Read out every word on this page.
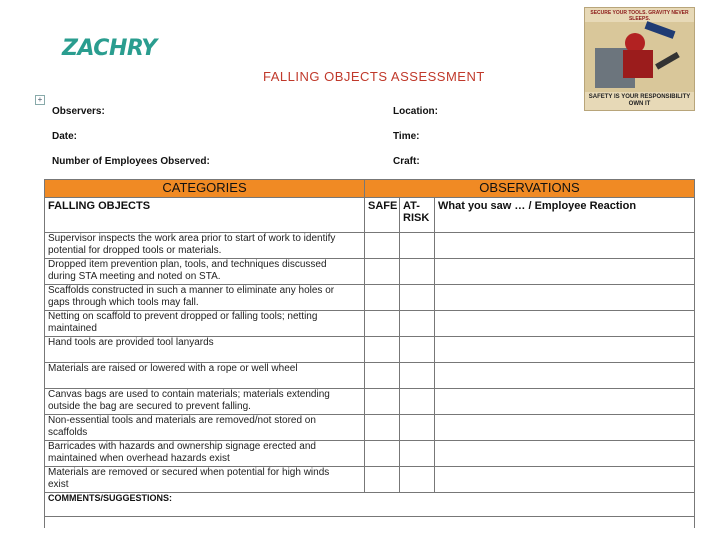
ZACHRY
FALLING OBJECTS ASSESSMENT
SECURE YOUR TOOLS. GRAVITY NEVER SLEEPS.
SAFETY IS YOUR RESPONSIBILITY OWN IT
+
Observers:	Location:
Date:	Time:
Number of Employees Observed:	Craft:
CATEGORIES	OBSERVATIONS		
FALLING OBJECTS	SAFE	AT-RISK	What you saw … / Employee Reaction

Supervisor inspects the work area prior to start of work to identify
potential for dropped tools or materials.			

Dropped item prevention plan, tools, and techniques discussed
during STA meeting and noted on STA.			

Scaffolds constructed in such a manner to eliminate any holes or
gaps through which tools may fall.			

Netting on scaffold to prevent dropped or falling tools; netting
maintained			

Hand tools are provided tool lanyards			

Materials are raised or lowered with a rope or well wheel			

Canvas bags are used to contain materials; materials extending
outside the bag are secured to prevent falling.			

Non-essential tools and materials are removed/not stored on
scaffolds			

Barricades with hazards and ownership signage erected and
maintained when overhead hazards exist			

Materials are removed or secured when potential for high winds
exist			

COMMENTS/SUGGESTIONS:			
